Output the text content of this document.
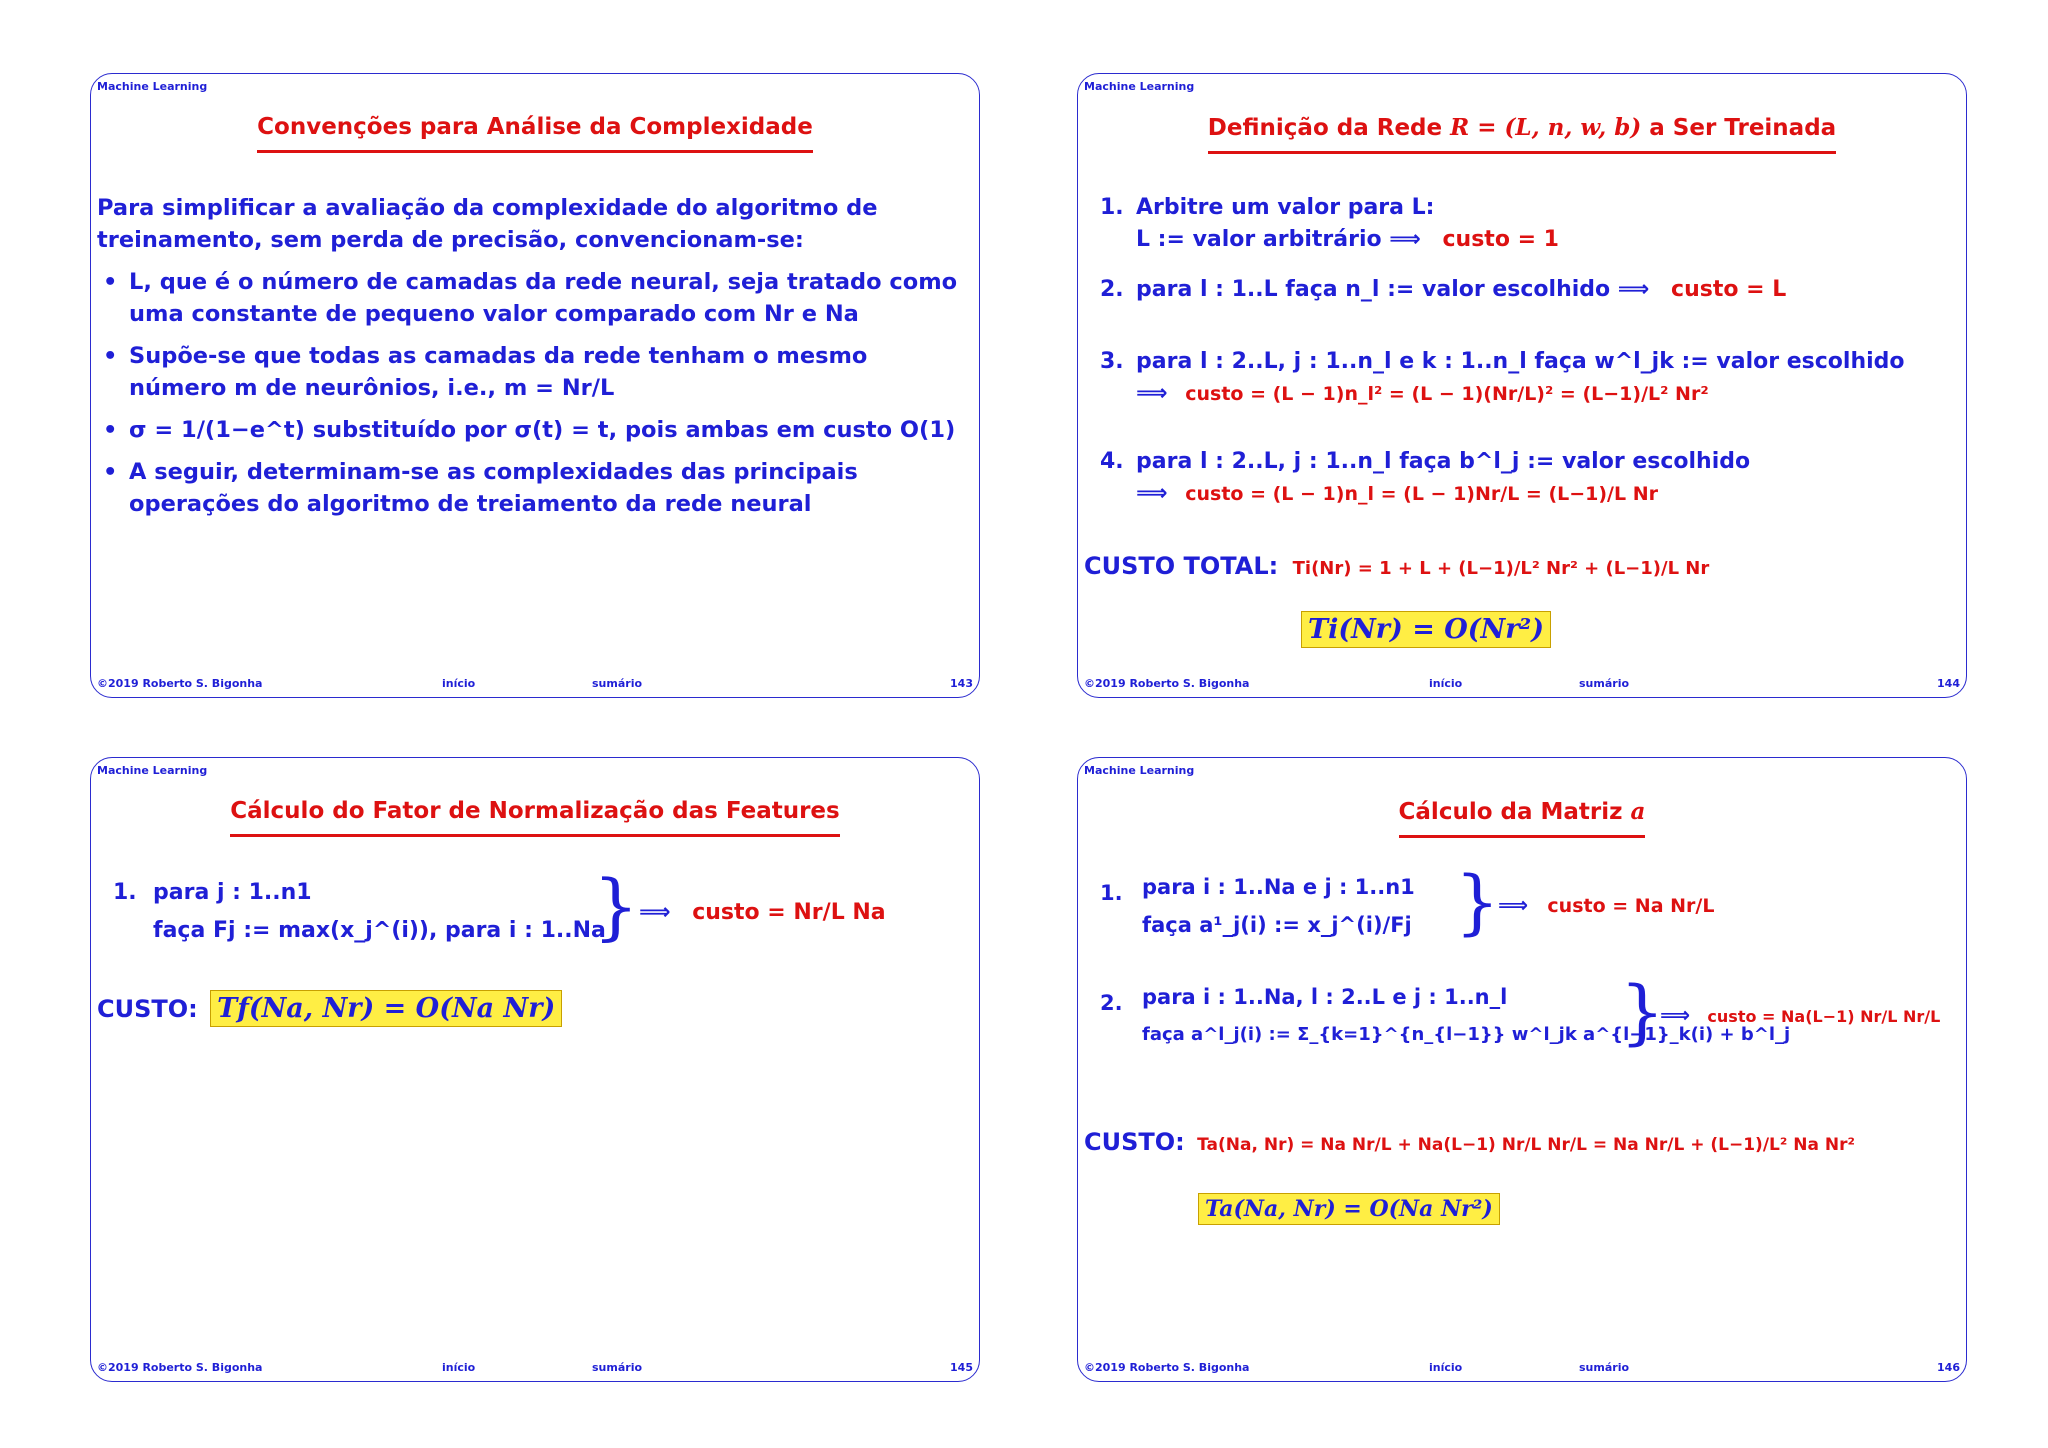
Machine Learning
Convenções para Análise da Complexidade
Para simplificar a avaliação da complexidade do algoritmo de treinamento, sem perda de precisão, convencionam-se:
• L, que é o número de camadas da rede neural, seja tratado como uma constante de pequeno valor comparado com Nr e Na
• Supõe-se que todas as camadas da rede tenham o mesmo número m de neurônios, i.e., m = Nr/L
• σ = 1/(1−e^t) substituído por σ(t) = t, pois ambas em custo O(1)
• A seguir, determinam-se as complexidades das principais operações do algoritmo de treiamento da rede neural
©2019 Roberto S. Bigonha	início	sumário	143
Machine Learning
Definição da Rede R = (L, n, w, b) a Ser Treinada
1. Arbitre um valor para L:
L := valor arbitrário ⟹ custo = 1
2. para l : 1..L faça n_l := valor escolhido ⟹ custo = L
3. para l : 2..L, j : 1..n_l e k : 1..n_l faça w^l_jk := valor escolhido
⟹ custo = (L − 1)n_l² = (L − 1)(Nr/L)² = (L−1)/L² Nr²
4. para l : 2..L, j : 1..n_l faça b^l_j := valor escolhido
⟹ custo = (L − 1)n_l = (L − 1)Nr/L = (L−1)/L Nr
CUSTO TOTAL: Ti(Nr) = 1 + L + (L−1)/L² Nr² + (L−1)/L Nr
Ti(Nr) = O(Nr²)
©2019 Roberto S. Bigonha	início	sumário	144
Machine Learning
Cálculo do Fator de Normalização das Features
1. para j : 1..n1
faça Fj := max(x_j^(i)), para i : 1..Na
} ⟹ custo = Nr/L Na
CUSTO: Tf(Na, Nr) = O(Na Nr)
©2019 Roberto S. Bigonha	início	sumário	145
Machine Learning
Cálculo da Matriz a
1. para i : 1..Na e j : 1..n1
faça a¹_j(i) := x_j^(i)/Fj }
⟹ custo = Na Nr/L
2. para i : 1..Na, l : 2..L e j : 1..n_l
faça a^l_j(i) := Σ_{k=1}^{n_{l−1}} w^l_jk a^{l−1}_k(i) + b^l_j
}
⟹ custo = Na(L−1) Nr/L Nr/L
CUSTO: Ta(Na, Nr) = Na Nr/L + Na(L−1) Nr/L Nr/L = Na Nr/L + (L−1)/L² Na Nr²
Ta(Na, Nr) = O(Na Nr²)
©2019 Roberto S. Bigonha	início	sumário	146
